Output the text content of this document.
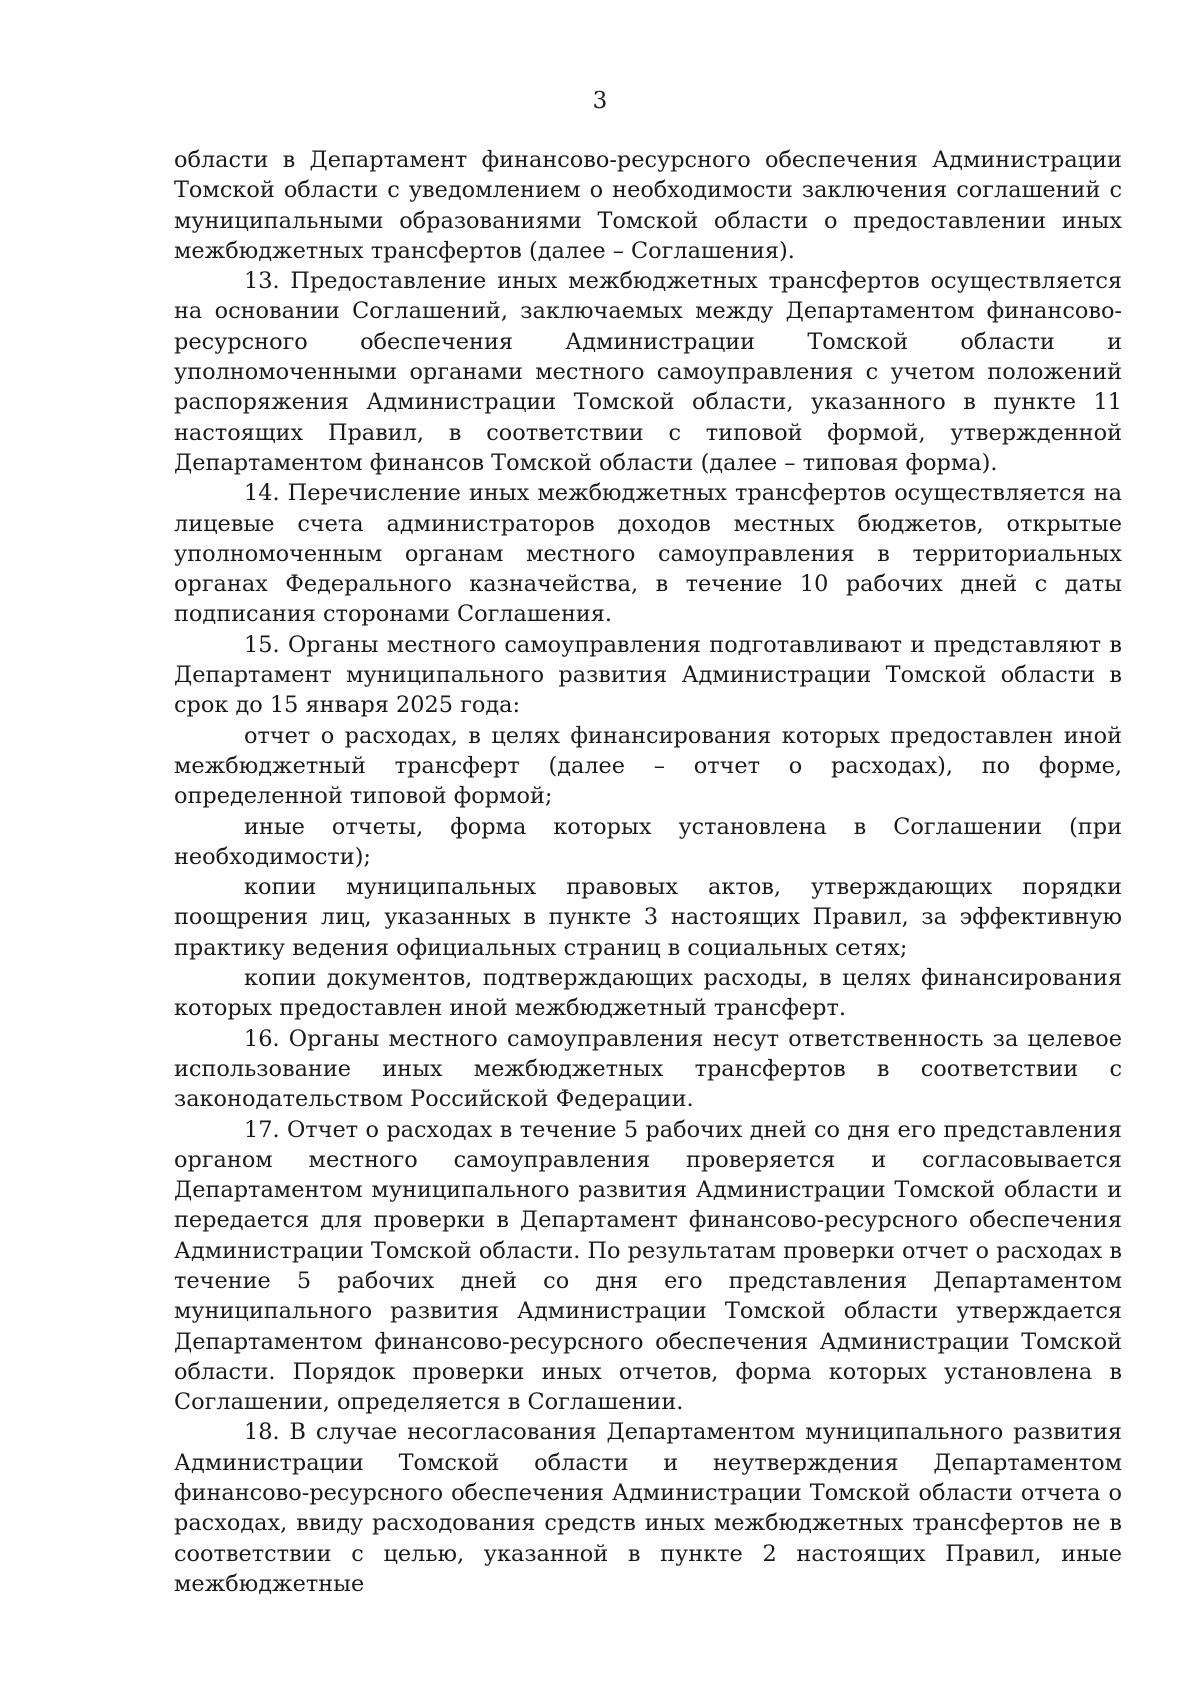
3

области в Департамент финансово-ресурсного обеспечения Администрации Томской области с уведомлением о необходимости заключения соглашений с муниципальными образованиями Томской области о предоставлении иных межбюджетных трансфертов (далее – Соглашения).

13. Предоставление иных межбюджетных трансфертов осуществляется на основании Соглашений, заключаемых между Департаментом финансово-ресурсного обеспечения Администрации Томской области и уполномоченными органами местного самоуправления с учетом положений распоряжения Администрации Томской области, указанного в пункте 11 настоящих Правил, в соответствии с типовой формой, утвержденной Департаментом финансов Томской области (далее – типовая форма).

14. Перечисление иных межбюджетных трансфертов осуществляется на лицевые счета администраторов доходов местных бюджетов, открытые уполномоченным органам местного самоуправления в территориальных органах Федерального казначейства, в течение 10 рабочих дней с даты подписания сторонами Соглашения.

15. Органы местного самоуправления подготавливают и представляют в Департамент муниципального развития Администрации Томской области в срок до 15 января 2025 года:

отчет о расходах, в целях финансирования которых предоставлен иной межбюджетный трансферт (далее – отчет о расходах), по форме, определенной типовой формой;

иные отчеты, форма которых установлена в Соглашении (при необходимости);

копии муниципальных правовых актов, утверждающих порядки поощрения лиц, указанных в пункте 3 настоящих Правил, за эффективную практику ведения официальных страниц в социальных сетях;

копии документов, подтверждающих расходы, в целях финансирования которых предоставлен иной межбюджетный трансферт.

16. Органы местного самоуправления несут ответственность за целевое использование иных межбюджетных трансфертов в соответствии с законодательством Российской Федерации.

17. Отчет о расходах в течение 5 рабочих дней со дня его представления органом местного самоуправления проверяется и согласовывается Департаментом муниципального развития Администрации Томской области и передается для проверки в Департамент финансово-ресурсного обеспечения Администрации Томской области. По результатам проверки отчет о расходах в течение 5 рабочих дней со дня его представления Департаментом муниципального развития Администрации Томской области утверждается Департаментом финансово-ресурсного обеспечения Администрации Томской области. Порядок проверки иных отчетов, форма которых установлена в Соглашении, определяется в Соглашении.

18. В случае несогласования Департаментом муниципального развития Администрации Томской области и неутверждения Департаментом финансово-ресурсного обеспечения Администрации Томской области отчета о расходах, ввиду расходования средств иных межбюджетных трансфертов не в соответствии с целью, указанной в пункте 2 настоящих Правил, иные межбюджетные
